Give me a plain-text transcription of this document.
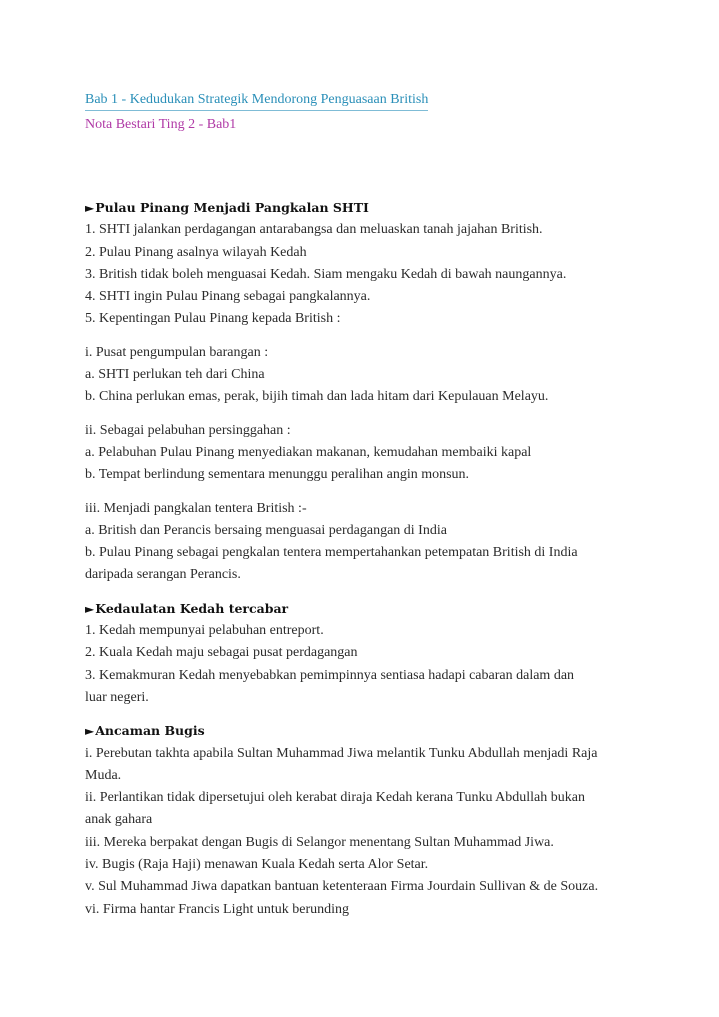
Bab 1 - Kedudukan Strategik Mendorong Penguasaan British
Nota Bestari Ting 2 - Bab1

►Pulau Pinang Menjadi Pangkalan SHTI

1. SHTI jalankan perdagangan antarabangsa dan meluaskan tanah jajahan British.

2. Pulau Pinang asalnya wilayah Kedah

3. British tidak boleh menguasai Kedah. Siam mengaku Kedah di bawah naungannya.

4. SHTI ingin Pulau Pinang sebagai pangkalannya.

5. Kepentingan Pulau Pinang kepada British :

i. Pusat pengumpulan barangan :

a. SHTI perlukan teh dari China

b. China perlukan emas, perak, bijih timah dan lada hitam dari Kepulauan Melayu.

ii. Sebagai pelabuhan persinggahan :

a. Pelabuhan Pulau Pinang menyediakan makanan, kemudahan membaiki kapal

b. Tempat berlindung sementara menunggu peralihan angin monsun.

iii. Menjadi pangkalan tentera British :-

a. British dan Perancis bersaing menguasai perdagangan di India

b. Pulau Pinang sebagai pengkalan tentera mempertahankan petempatan British di India

daripada serangan Perancis.

►Kedaulatan Kedah tercabar

1. Kedah mempunyai pelabuhan entreport.

2. Kuala Kedah maju sebagai pusat perdagangan

3. Kemakmuran Kedah menyebabkan pemimpinnya sentiasa hadapi cabaran dalam dan

luar negeri.

►Ancaman Bugis

i. Perebutan takhta apabila Sultan Muhammad Jiwa melantik Tunku Abdullah menjadi Raja

Muda.

ii. Perlantikan tidak dipersetujui oleh kerabat diraja Kedah kerana Tunku Abdullah bukan

anak gahara

iii. Mereka berpakat dengan Bugis di Selangor menentang Sultan Muhammad Jiwa.

iv. Bugis (Raja Haji) menawan Kuala Kedah serta Alor Setar.

v. Sul Muhammad Jiwa dapatkan bantuan ketenteraan Firma Jourdain Sullivan & de Souza.

vi. Firma hantar Francis Light untuk berunding
